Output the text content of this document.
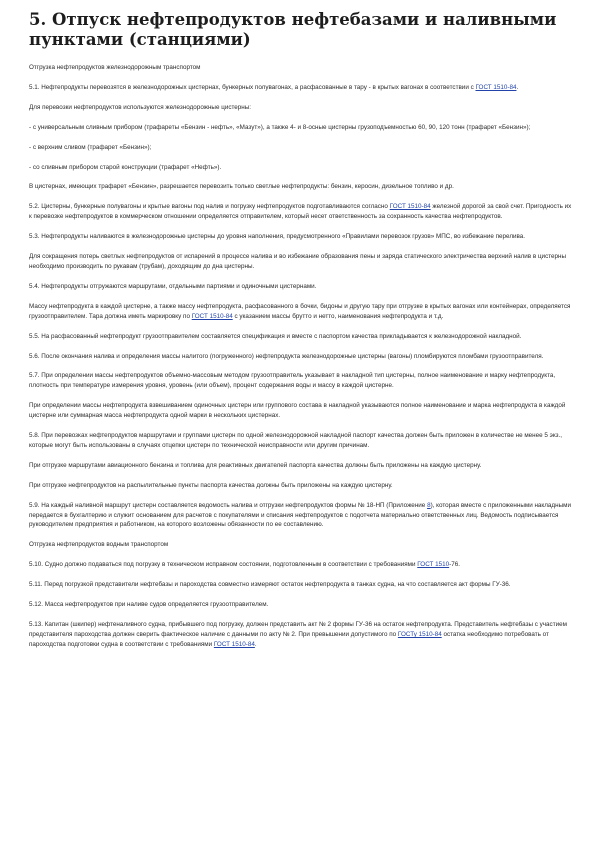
5. Отпуск нефтепродуктов нефтебазами и наливными пунктами (станциями)

Отгрузка нефтепродуктов железнодорожным транспортом

5.1. Нефтепродукты перевозятся в железнодорожных цистернах, бункерных полувагонах, а расфасованные в тару - в крытых вагонах в соответствии с ГОСТ 1510-84.

Для перевозки нефтепродуктов используются железнодорожные цистерны:

- с универсальным сливным прибором (трафареты «Бензин - нефть», «Мазут»), а также 4- и 8-осные цистерны грузоподъемностью 60, 90, 120 тонн (трафарет «Бензин»);

- с верхним сливом (трафарет «Бензин»);

- со сливным прибором старой конструкции (трафарет «Нефть»).

В цистернах, имеющих трафарет «Бензин», разрешается перевозить только светлые нефтепродукты: бензин, керосин, дизельное топливо и др.

5.2. Цистерны, бункерные полувагоны и крытые вагоны под налив и погрузку нефтепродуктов подготавливаются согласно ГОСТ 1510-84 железной дорогой за свой счет. Пригодность их к перевозке нефтепродуктов в коммерческом отношении определяется отправителем, который несет ответственность за сохранность качества нефтепродуктов.

5.3. Нефтепродукты наливаются в железнодорожные цистерны до уровня наполнения, предусмотренного «Правилами перевозок грузов» МПС, во избежание перелива.

Для сокращения потерь светлых нефтепродуктов от испарений в процессе налива и во избежание образования пены и заряда статического электричества верхний налив в цистерны необходимо производить по рукавам (трубам), доходящим до дна цистерны.

5.4. Нефтепродукты отгружаются маршрутами, отдельными партиями и одиночными цистернами.

Массу нефтепродукта в каждой цистерне, а также массу нефтепродукта, расфасованного в бочки, бидоны и другую тару при отгрузке в крытых вагонах или контейнерах, определяется грузоотправителем. Тара должна иметь маркировку по ГОСТ 1510-84 с указанием массы брутто и нетто, наименования нефтепродукта и т.д.

5.5. На расфасованный нефтепродукт грузоотправителем составляется спецификация и вместе с паспортом качества прикладывается к железнодорожной накладной.

5.6. После окончания налива и определения массы налитого (погруженного) нефтепродукта железнодорожные цистерны (вагоны) пломбируются пломбами грузоотправителя.

5.7. При определении массы нефтепродуктов объемно-массовым методом грузоотправитель указывает в накладной тип цистерны, полное наименование и марку нефтепродукта, плотность при температуре измерения уровня, уровень (или объем), процент содержания воды и массу в каждой цистерне.

При определении массы нефтепродукта взвешиванием одиночных цистерн или группового состава в накладной указываются полное наименование и марка нефтепродукта в каждой цистерне или суммарная масса нефтепродукта одной марки в нескольких цистернах.

5.8. При перевозках нефтепродуктов маршрутами и группами цистерн по одной железнодорожной накладной паспорт качества должен быть приложен в количестве не менее 5 экз., которые могут быть использованы в случаях отцепки цистерн по технической неисправности или другим причинам.

При отгрузке маршрутами авиационного бензина и топлива для реактивных двигателей паспорта качества должны быть приложены на каждую цистерну.

При отгрузке нефтепродуктов на распылительные пункты паспорта качества должны быть приложены на каждую цистерну.

5.9. На каждый наливной маршрут цистерн составляется ведомость налива и отгрузки нефтепродуктов формы № 18-НП (Приложение 8), которая вместе с приложенными накладными передается в бухгалтерию и служит основанием для расчетов с покупателями и списания нефтепродуктов с подотчета материально ответственных лиц. Ведомость подписывается руководителем предприятия и работником, на которого возложены обязанности по ее составлению.

Отгрузка нефтепродуктов водным транспортом

5.10. Судно должно подаваться под погрузку в техническом исправном состоянии, подготовленным в соответствии с требованиями ГОСТ 1510-76.

5.11. Перед погрузкой представители нефтебазы и пароходства совместно измеряют остаток нефтепродукта в танках судна, на что составляется акт формы ГУ-36.

5.12. Масса нефтепродуктов при наливе судов определяется грузоотправителем.

5.13. Капитан (шкипер) нефтеналивного судна, прибывшего под погрузку, должен представить акт № 2 формы ГУ-36 на остаток нефтепродукта. Представитель нефтебазы с участием представителя пароходства должен сверить фактическое наличие с данными по акту № 2. При превышении допустимого по ГОСТу 1510-84 остатка необходимо потребовать от пароходства подготовки судна в соответствии с требованиями ГОСТ 1510-84.
